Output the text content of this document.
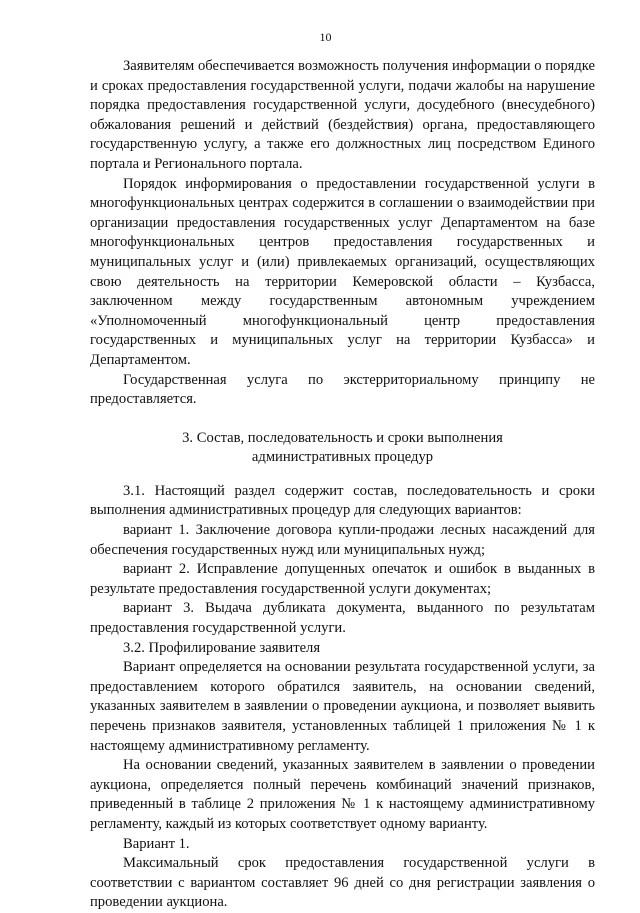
10

Заявителям обеспечивается возможность получения информации о порядке и сроках предоставления государственной услуги, подачи жалобы на нарушение порядка предоставления государственной услуги, досудебного (внесудебного) обжалования решений и действий (бездействия) органа, предоставляющего государственную услугу, а также его должностных лиц посредством Единого портала и Регионального портала.

Порядок информирования о предоставлении государственной услуги в многофункциональных центрах содержится в соглашении о взаимодействии при организации предоставления государственных услуг Департаментом на базе многофункциональных центров предоставления государственных и муниципальных услуг и (или) привлекаемых организаций, осуществляющих свою деятельность на территории Кемеровской области – Кузбасса, заключенном между государственным автономным учреждением «Уполномоченный многофункциональный центр предоставления государственных и муниципальных услуг на территории Кузбасса» и Департаментом.

Государственная услуга по экстерриториальному принципу не предоставляется.

3. Состав, последовательность и сроки выполнения

административных процедур

3.1. Настоящий раздел содержит состав, последовательность и сроки выполнения административных процедур для следующих вариантов:

вариант 1. Заключение договора купли-продажи лесных насаждений для обеспечения государственных нужд или муниципальных нужд;

вариант 2. Исправление допущенных опечаток и ошибок в выданных в результате предоставления государственной услуги документах;

вариант 3. Выдача дубликата документа, выданного по результатам предоставления государственной услуги.

3.2. Профилирование заявителя

Вариант определяется на основании результата государственной услуги, за предоставлением которого обратился заявитель, на основании сведений, указанных заявителем в заявлении о проведении аукциона, и позволяет выявить перечень признаков заявителя, установленных таблицей 1 приложения № 1 к настоящему административному регламенту.

На основании сведений, указанных заявителем в заявлении о проведении аукциона, определяется полный перечень комбинаций значений признаков, приведенный в таблице 2 приложения № 1 к настоящему административному регламенту, каждый из которых соответствует одному варианту.

Вариант 1.

Максимальный срок предоставления государственной услуги в соответствии с вариантом составляет 96 дней со дня регистрации заявления о проведении аукциона.
